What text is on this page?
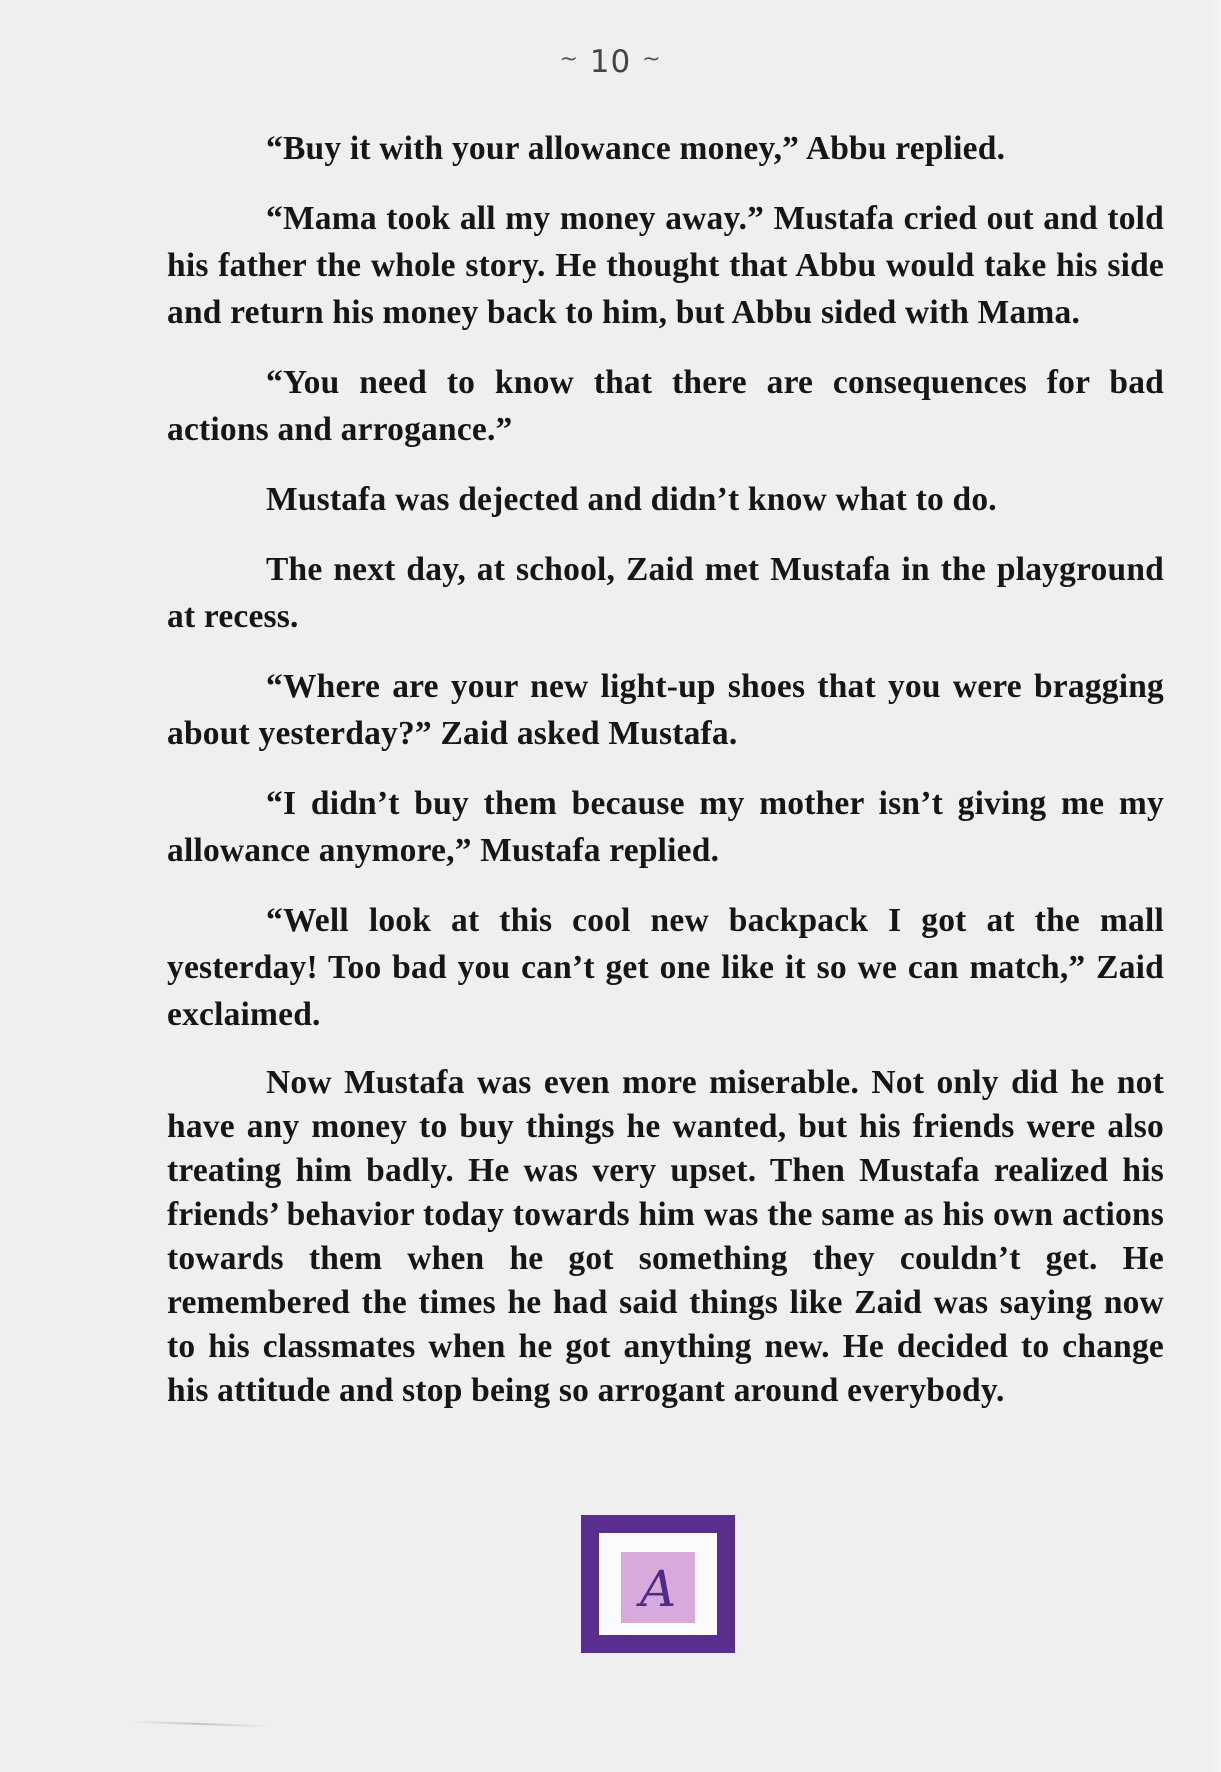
~ 10 ~

“Buy it with your allowance money,” Abbu replied.

“Mama took all my money away.” Mustafa cried out and told his father the whole story. He thought that Abbu would take his side and return his money back to him, but Abbu sided with Mama.

“You need to know that there are consequences for bad actions and arrogance.”

Mustafa was dejected and didn’t know what to do.

The next day, at school, Zaid met Mustafa in the playground at recess.

“Where are your new light-up shoes that you were bragging about yesterday?” Zaid asked Mustafa.

“I didn’t buy them because my mother isn’t giving me my allowance anymore,” Mustafa replied.

“Well look at this cool new backpack I got at the mall yesterday! Too bad you can’t get one like it so we can match,” Zaid exclaimed.

Now Mustafa was even more miserable. Not only did he not have any money to buy things he wanted, but his friends were also treating him badly. He was very upset. Then Mustafa realized his friends’ behavior today towards him was the same as his own actions towards them when he got something they couldn’t get. He remembered the times he had said things like Zaid was saying now to his classmates when he got anything new. He decided to change his attitude and stop being so arrogant around everybody.

A
